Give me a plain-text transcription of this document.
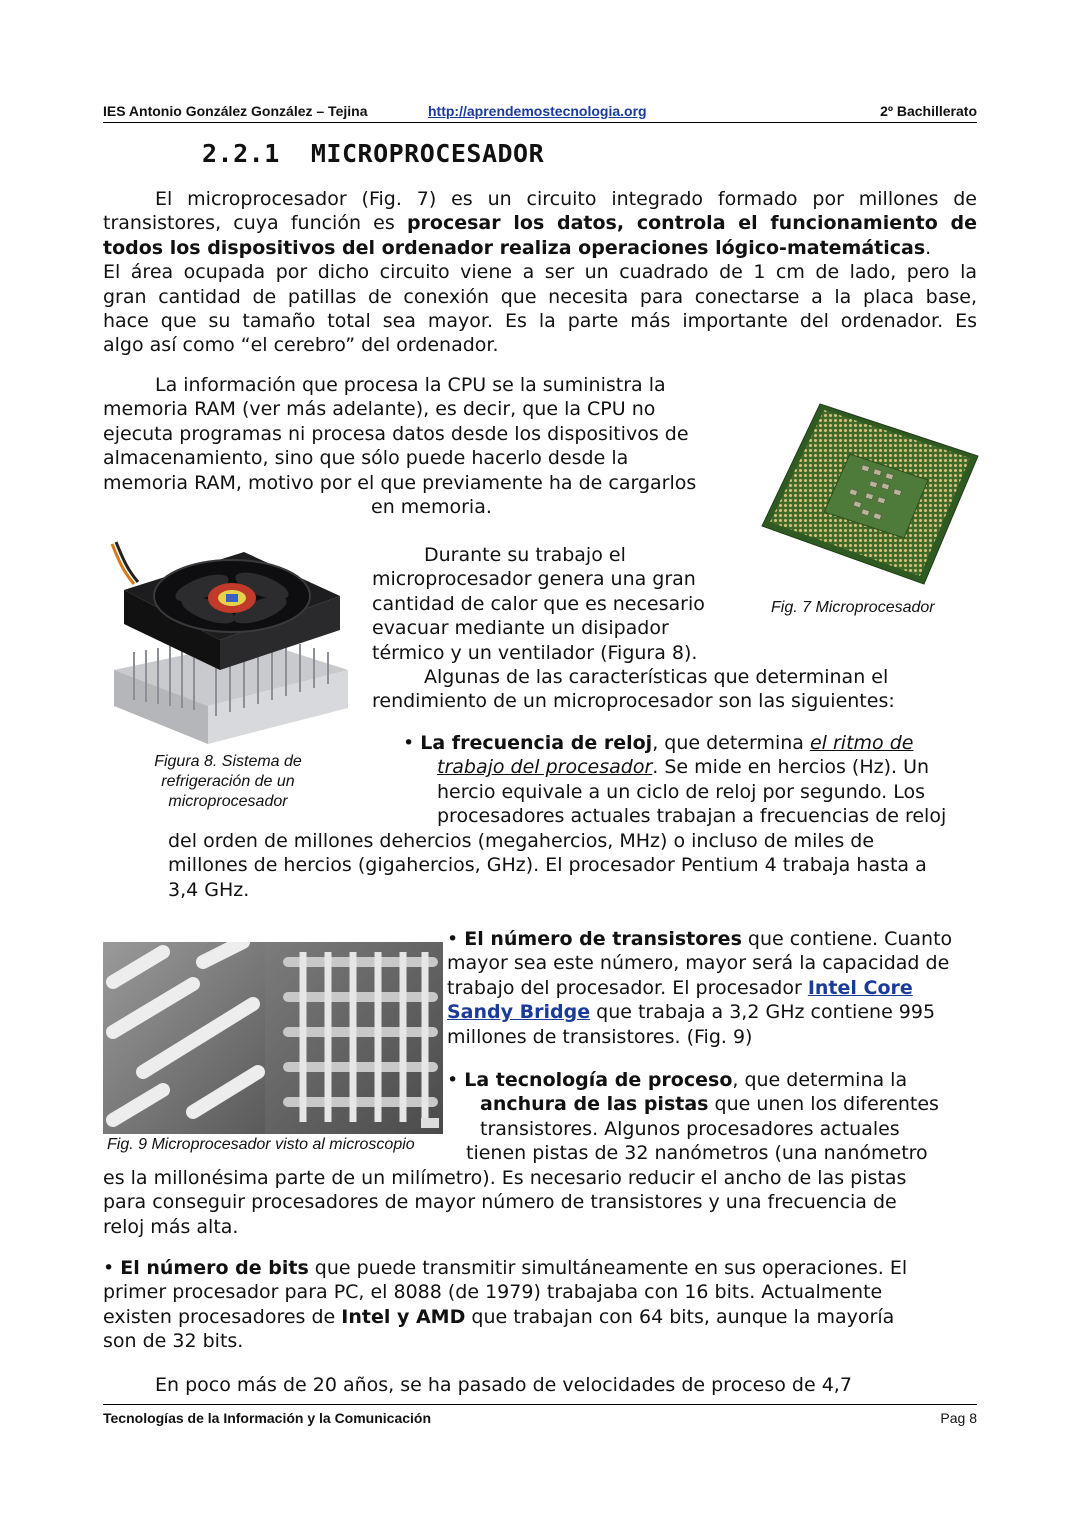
IES Antonio González González – Tejina	http://aprendemostecnologia.org	2º Bachillerato
2.2.1 MICROPROCESADOR
El microprocesador (Fig. 7) es un circuito integrado formado por millones de
transistores, cuya función es procesar los datos, controla el funcionamiento de
todos los dispositivos del ordenador realiza operaciones lógico-matemáticas.
El área ocupada por dicho circuito viene a ser un cuadrado de 1 cm de lado, pero la
gran cantidad de patillas de conexión que necesita para conectarse a la placa base,
hace que su tamaño total sea mayor. Es la parte más importante del ordenador. Es
algo así como “el cerebro” del ordenador.
La información que procesa la CPU se la suministra la
memoria RAM (ver más adelante), es decir, que la CPU no
ejecuta programas ni procesa datos desde los dispositivos de
almacenamiento, sino que sólo puede hacerlo desde la
memoria RAM, motivo por el que previamente ha de cargarlos
en memoria.
Fig. 7 Microprocesador
Figura 8. Sistema de
refrigeración de un
microprocesador
Durante su trabajo el
microprocesador genera una gran
cantidad de calor que es necesario
evacuar mediante un disipador
térmico y un ventilador (Figura 8).
Algunas de las características que determinan el
rendimiento de un microprocesador son las siguientes:
• La frecuencia de reloj, que determina el ritmo de
trabajo del procesador. Se mide en hercios (Hz). Un
hercio equivale a un ciclo de reloj por segundo. Los
procesadores actuales trabajan a frecuencias de reloj
del orden de millones dehercios (megahercios, MHz) o incluso de miles de
millones de hercios (gigahercios, GHz). El procesador Pentium 4 trabaja hasta a
3,4 GHz.
Fig. 9 Microprocesador visto al microscopio
• El número de transistores que contiene. Cuanto
mayor sea este número, mayor será la capacidad de
trabajo del procesador. El procesador Intel Core
Sandy Bridge que trabaja a 3,2 GHz contiene 995
millones de transistores. (Fig. 9)
• La tecnología de proceso, que determina la
anchura de las pistas que unen los diferentes
transistores. Algunos procesadores actuales
tienen pistas de 32 nanómetros (una nanómetro
es la millonésima parte de un milímetro). Es necesario reducir el ancho de las pistas
para conseguir procesadores de mayor número de transistores y una frecuencia de
reloj más alta.
• El número de bits que puede transmitir simultáneamente en sus operaciones. El
primer procesador para PC, el 8088 (de 1979) trabajaba con 16 bits. Actualmente
existen procesadores de Intel y AMD que trabajan con 64 bits, aunque la mayoría
son de 32 bits.
En poco más de 20 años, se ha pasado de velocidades de proceso de 4,7
Tecnologías de la Información y la Comunicación	Pag 8
